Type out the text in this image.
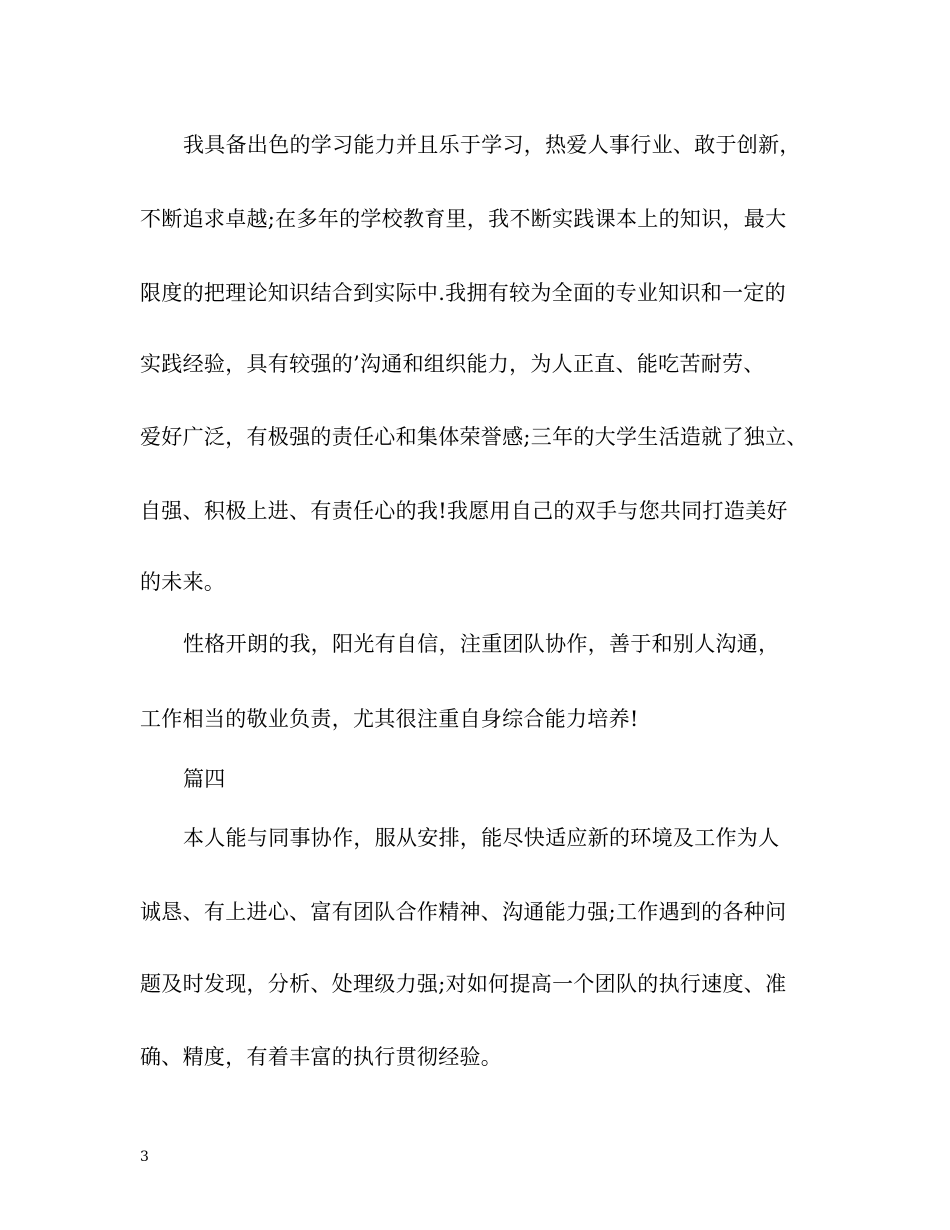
我具备出色的学习能力并且乐于学习，热爱人事行业、敢于创新，
不断追求卓越;在多年的学校教育里，我不断实践课本上的知识，最大
限度的把理论知识结合到实际中.我拥有较为全面的专业知识和一定的
实践经验，具有较强的’沟通和组织能力，为人正直、能吃苦耐劳、
爱好广泛，有极强的责任心和集体荣誉感;三年的大学生活造就了独立、
自强、积极上进、有责任心的我!我愿用自己的双手与您共同打造美好
的未来。
性格开朗的我，阳光有自信，注重团队协作，善于和别人沟通，
工作相当的敬业负责，尤其很注重自身综合能力培养!
篇四
本人能与同事协作，服从安排，能尽快适应新的环境及工作为人
诚恳、有上进心、富有团队合作精神、沟通能力强;工作遇到的各种问
题及时发现，分析、处理级力强;对如何提高一个团队的执行速度、准
确、精度，有着丰富的执行贯彻经验。
3
